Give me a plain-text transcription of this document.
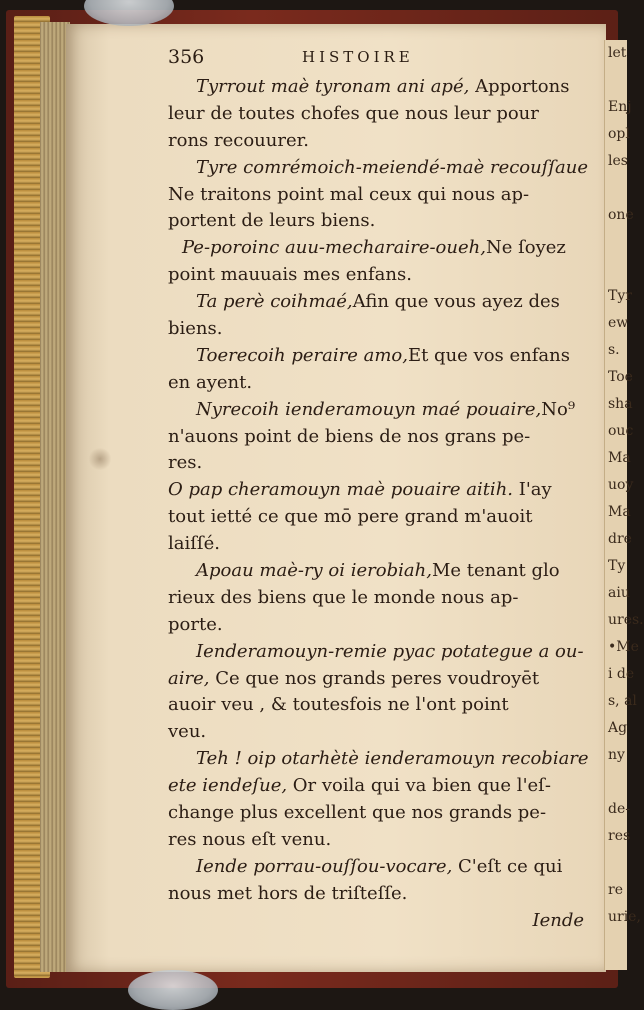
let
Enj
opl
les
one
Tyr
ew
s.
Toe
sha
ouc
Ma
uoy
Ma
dre
Ty
aiu
ures.
•Me
i de
s, al
Ag
ny
de-
res
re
urie,
356	HISTOIRE
Tyrrout maè tyronam ani apé, Apportons
leur de toutes chofes que nous leur pour
rons recouurer.
Tyre comrémoich-meiendé-maè recouſſaue
Ne traitons point mal ceux qui nous ap-
portent de leurs biens.
Pe-poroinc auu-mecharaire-oueh,Ne ſoyez
point mauuais mes enfans.
Ta perè coihmaé,Afin que vous ayez des
biens.
Toerecoih peraire amo,Et que vos enfans
en ayent.
Nyrecoih ienderamouyn maé pouaire,No⁹
n'auons point de biens de nos grans pe-
res.
O pap cheramouyn maè pouaire aitih. I'ay
tout ietté ce que mō pere grand m'auoit
laiſſé.
Apoau maè-ry oi ierobiah,Me tenant glo
rieux des biens que le monde nous ap-
porte.
Ienderamouyn-remie pyac potategue a ou-
aire, Ce que nos grands peres voudroyēt
auoir veu , & toutesfois ne l'ont point
veu.
Teh ! oip otarhètè ienderamouyn recobiare
ete iendeſue, Or voila qui va bien que l'eſ-
change plus excellent que nos grands pe-
res nous eſt venu.
Iende porrau-ouſſou-vocare, C'eſt ce qui
nous met hors de triſteſſe.
Iende
